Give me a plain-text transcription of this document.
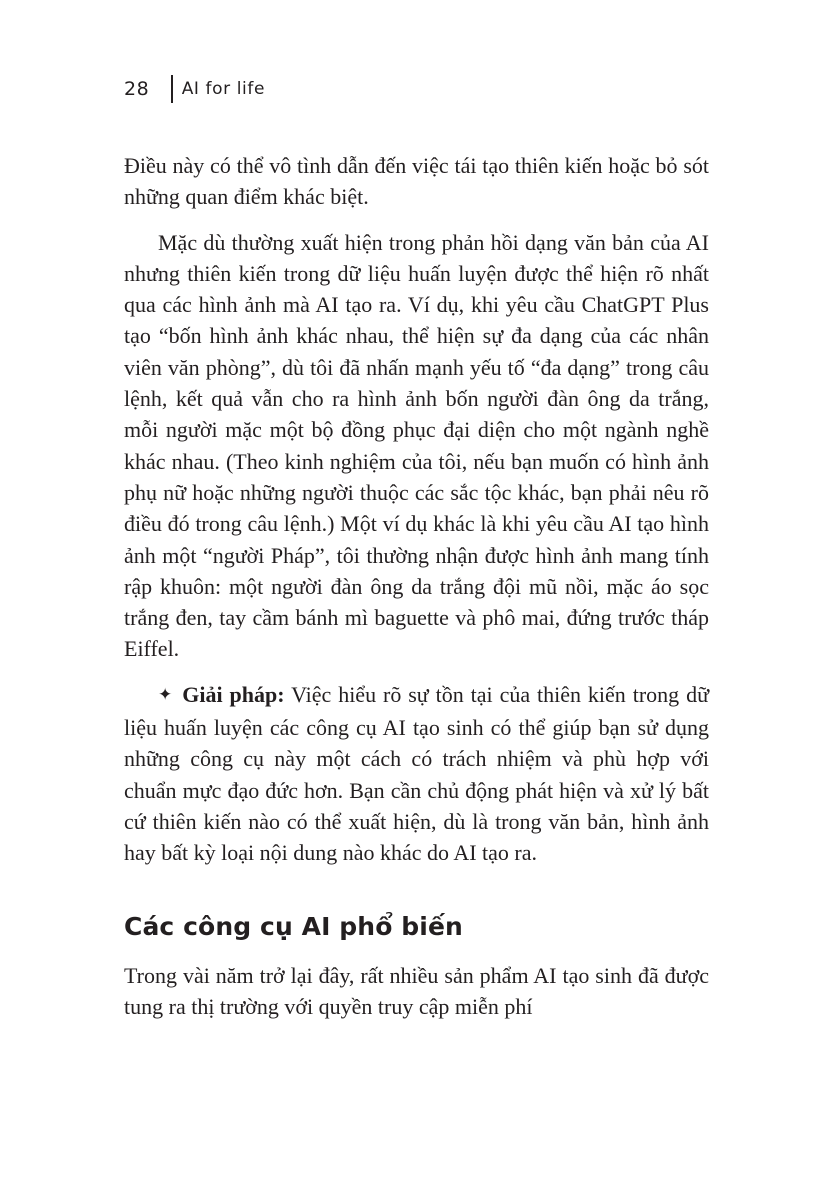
28 AI for life

Điều này có thể vô tình dẫn đến việc tái tạo thiên kiến hoặc bỏ sót những quan điểm khác biệt.

Mặc dù thường xuất hiện trong phản hồi dạng văn bản của AI nhưng thiên kiến trong dữ liệu huấn luyện được thể hiện rõ nhất qua các hình ảnh mà AI tạo ra. Ví dụ, khi yêu cầu ChatGPT Plus tạo “bốn hình ảnh khác nhau, thể hiện sự đa dạng của các nhân viên văn phòng”, dù tôi đã nhấn mạnh yếu tố “đa dạng” trong câu lệnh, kết quả vẫn cho ra hình ảnh bốn người đàn ông da trắng, mỗi người mặc một bộ đồng phục đại diện cho một ngành nghề khác nhau. (Theo kinh nghiệm của tôi, nếu bạn muốn có hình ảnh phụ nữ hoặc những người thuộc các sắc tộc khác, bạn phải nêu rõ điều đó trong câu lệnh.) Một ví dụ khác là khi yêu cầu AI tạo hình ảnh một “người Pháp”, tôi thường nhận được hình ảnh mang tính rập khuôn: một người đàn ông da trắng đội mũ nồi, mặc áo sọc trắng đen, tay cầm bánh mì baguette và phô mai, đứng trước tháp Eiffel.

✦ Giải pháp: Việc hiểu rõ sự tồn tại của thiên kiến trong dữ liệu huấn luyện các công cụ AI tạo sinh có thể giúp bạn sử dụng những công cụ này một cách có trách nhiệm và phù hợp với chuẩn mực đạo đức hơn. Bạn cần chủ động phát hiện và xử lý bất cứ thiên kiến nào có thể xuất hiện, dù là trong văn bản, hình ảnh hay bất kỳ loại nội dung nào khác do AI tạo ra.

Các công cụ AI phổ biến

Trong vài năm trở lại đây, rất nhiều sản phẩm AI tạo sinh đã được tung ra thị trường với quyền truy cập miễn phí
